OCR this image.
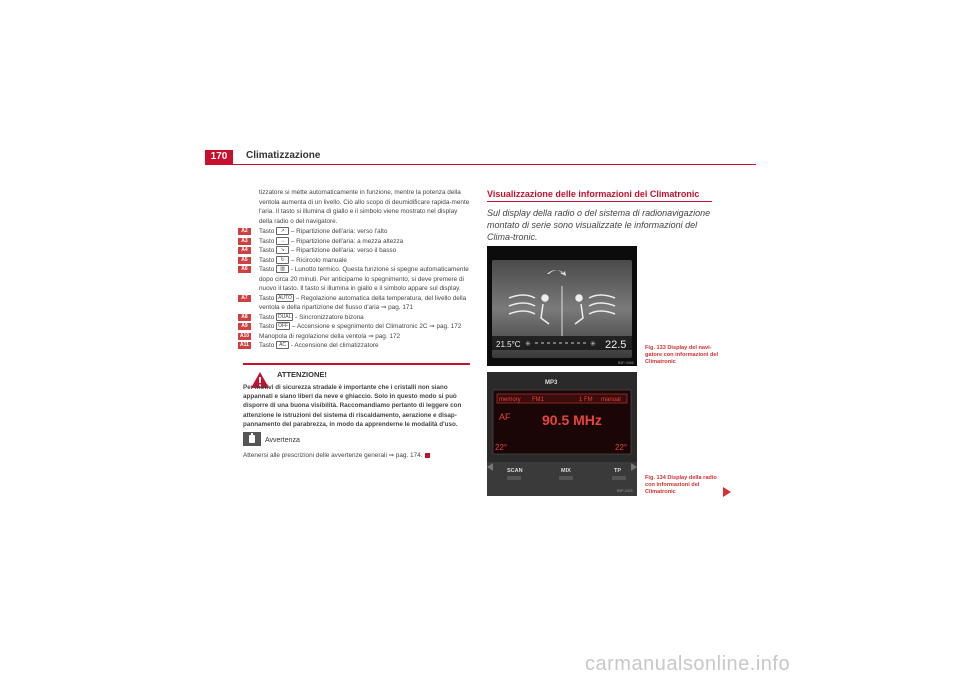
170	Climatizzazione

tizzatore si mette automaticamente in funzione, mentre la potenza della ventola aumenta di un livello. Ciò allo scopo di deumidificare rapida-mente l'aria. Il tasto si illumina di giallo e il simbolo viene mostrato nel display della radio o del navigatore.

A2	Tasto ↗ – Ripartizione dell'aria: verso l'alto

A3	Tasto → – Ripartizione dell'aria: a mezza altezza

A4	Tasto ↘ – Ripartizione dell'aria: verso il basso

A5	Tasto ↻ – Ricircolo manuale

A6	Tasto ▥ - Lunotto termico. Questa funzione si spegne automaticamente dopo circa 20 minuti. Per anticiparne lo spegnimento, si deve premere di nuovo il tasto. Il tasto si illumina in giallo e il simbolo appare sul display.

A7	Tasto AUTO – Regolazione automatica della temperatura, del livello della ventola e della ripartizione del flusso d'aria ⇒ pag. 171

A8	Tasto DUAL - Sincronizzatore bizona

A9	Tasto OFF – Accensione e spegnimento del Climatronic 2C ⇒ pag. 172

A10 Manopola di regolazione della ventola ⇒ pag. 172

A11	Tasto AC - Accensione del climatizzatore

ATTENZIONE!
Per motivi di sicurezza stradale è importante che i cristalli non siano appannati e siano liberi da neve e ghiaccio. Solo in questo modo si può disporre di una buona visibilità. Raccomandiamo pertanto di leggere con attenzione le istruzioni del sistema di riscaldamento, aerazione e disap-pannamento del parabrezza, in modo da apprenderne le modalità d'uso.
Avvertenza
Attenersi alle prescrizioni delle avvertenze generali ⇒ pag. 174.
Visualizzazione delle informazioni del Climatronic
Sul display della radio o del sistema di radionavigazione montato di serie sono visualizzate le informazioni del Clima-tronic.
21.5°C ✳	✳ 22.5
B5P-0086
MP3
memory FM1	1 FM manual
AF 90.5 MHz
22°	22°
SCAN	MIX	TP
B5P-0025
Fig. 133 Display del navi-gatore con informazioni del Climatronic
Fig. 134 Display della radio con informazioni del Climatronic
carmanualsonline.info
